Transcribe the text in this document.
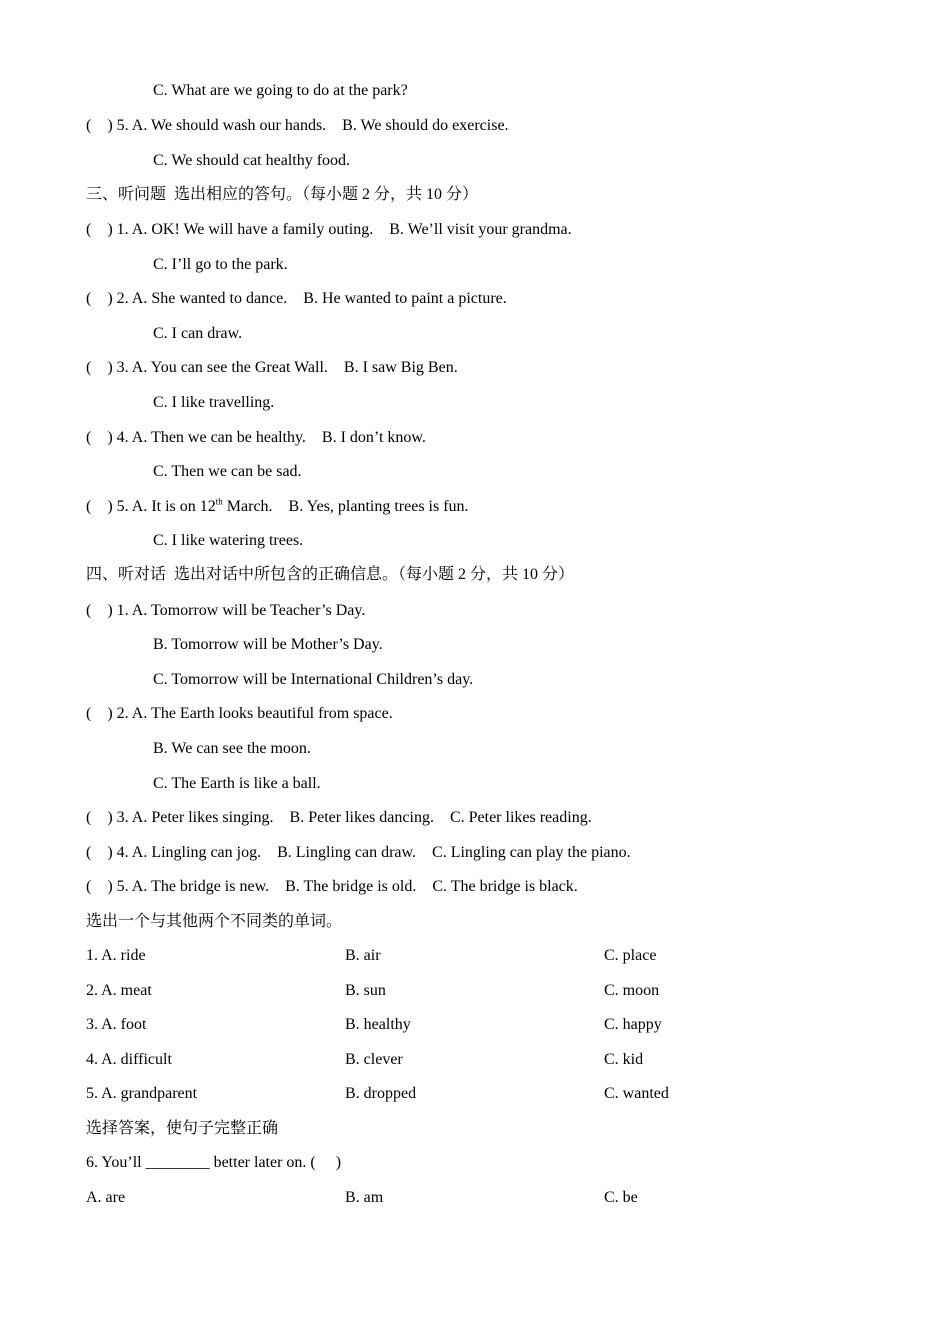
C. What are we going to do at the park?
(    ) 5. A. We should wash our hands.    B. We should do exercise.
C. We should cat healthy food.
三、听问题  选出相应的答句。（每小题 2 分，共 10 分）
(    ) 1. A. OK! We will have a family outing.    B. We’ll visit your grandma.
C. I’ll go to the park.
(    ) 2. A. She wanted to dance.    B. He wanted to paint a picture.
C. I can draw.
(    ) 3. A. You can see the Great Wall.    B. I saw Big Ben.
C. I like travelling.
(    ) 4. A. Then we can be healthy.    B. I don’t know.
C. Then we can be sad.
(    ) 5. A. It is on 12th March.    B. Yes, planting trees is fun.
C. I like watering trees.
四、听对话  选出对话中所包含的正确信息。（每小题 2 分，共 10 分）
(    ) 1. A. Tomorrow will be Teacher’s Day.
B. Tomorrow will be Mother’s Day.
C. Tomorrow will be International Children’s day.
(    ) 2. A. The Earth looks beautiful from space.
B. We can see the moon.
C. The Earth is like a ball.
(    ) 3. A. Peter likes singing.    B. Peter likes dancing.    C. Peter likes reading.
(    ) 4. A. Lingling can jog.    B. Lingling can draw.    C. Lingling can play the piano.
(    ) 5. A. The bridge is new.    B. The bridge is old.    C. The bridge is black.
选出一个与其他两个不同类的单词。
1. A. ride	B. air	C. place
2. A. meat	B. sun	C. moon
3. A. foot	B. healthy	C. happy
4. A. difficult	B. clever	C. kid
5. A. grandparent	B. dropped	C. wanted
选择答案，使句子完整正确
6. You’ll ________ better later on. (     )
A. are	B. am	C. be
